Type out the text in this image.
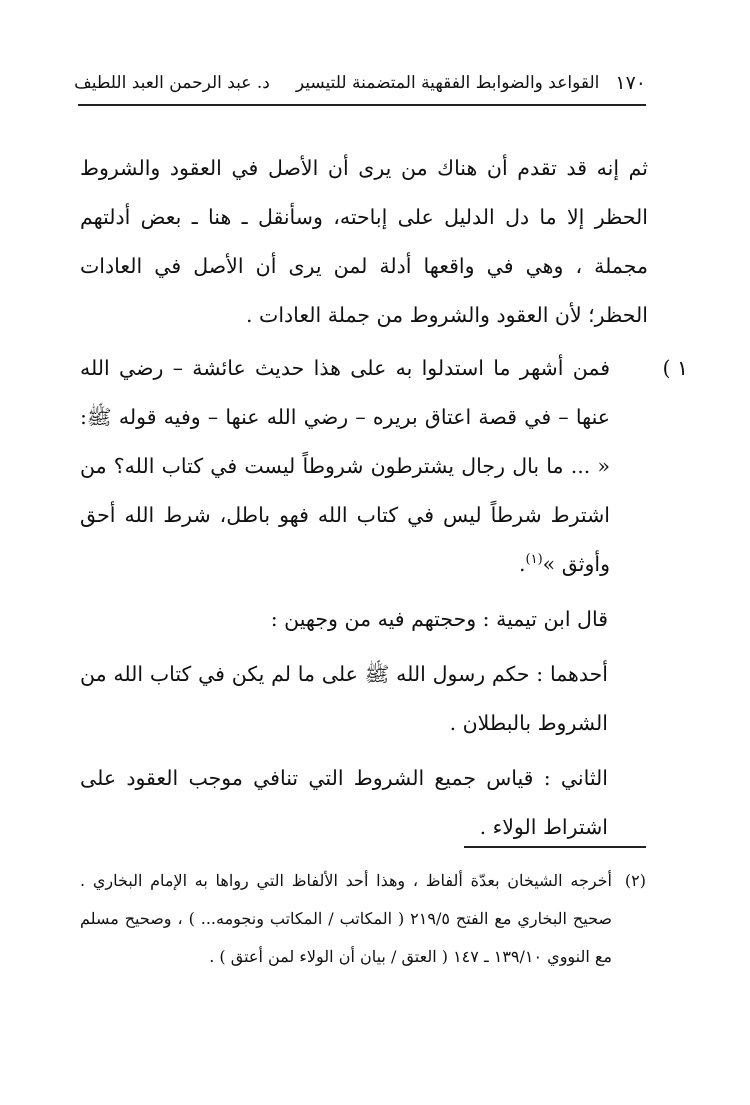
١٧٠
القواعد والضوابط الفقهية المتضمنة للتيسير
د. عبد الرحمن العبد اللطيف

ثم إنه قد تقدم أن هناك من يرى أن الأصل في العقود والشروط الحظر إلا ما دل الدليل على إباحته، وسأنقل ـ هنا ـ بعض أدلتهم مجملة ، وهي في واقعها أدلة لمن يرى أن الأصل في العادات الحظر؛ لأن العقود والشروط من جملة العادات .

١ )

فمن أشهر ما استدلوا به على هذا حديث عائشة – رضي الله عنها – في قصة اعتاق بريره – رضي الله عنها – وفيه قوله ﷺ: « ... ما بال رجال يشترطون شروطاً ليست في كتاب الله؟ من اشترط شرطاً ليس في كتاب الله فهو باطل، شرط الله أحق وأوثق »$^{(١)}$.

قال ابن تيمية : وحجتهم فيه من وجهين :

أحدهما : حكم رسول الله ﷺ على ما لم يكن في كتاب الله من الشروط بالبطلان .

الثاني : قياس جميع الشروط التي تنافي موجب العقود على اشتراط الولاء .

(٢)

أخرجه الشيخان بعدّة ألفاظ ، وهذا أحد الألفاظ التي رواها به الإمام البخاري . صحيح البخاري مع الفتح ٢١٩/٥ ( المكاتب / المكاتب ونجومه... ) ، وصحيح مسلم مع النووي ١٣٩/١٠ ـ ١٤٧ ( العتق / بيان أن الولاء لمن أعتق ) .
